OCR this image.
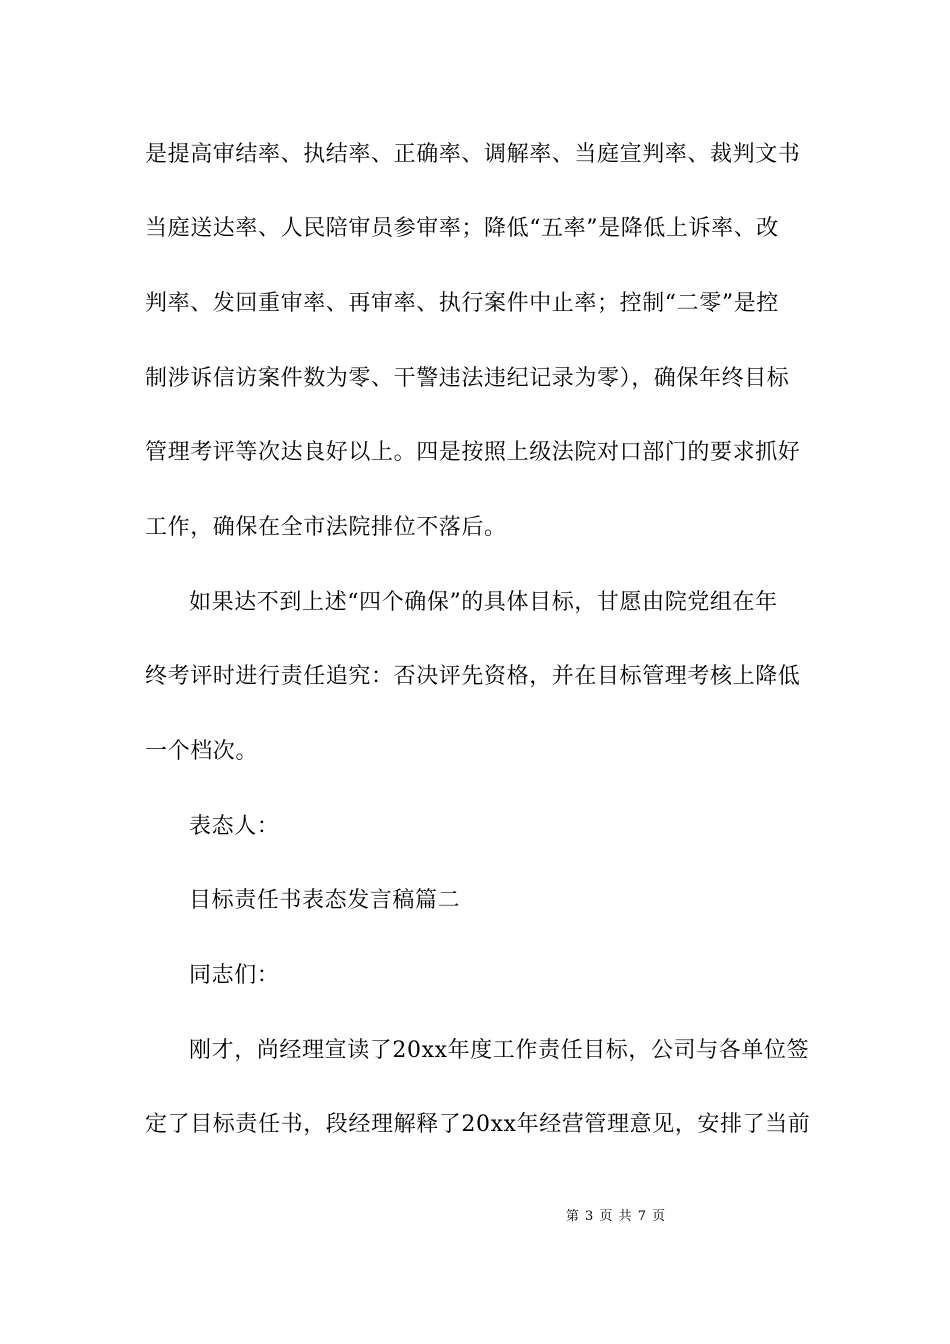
是提高审结率、执结率、正确率、调解率、当庭宣判率、裁判文书
当庭送达率、人民陪审员参审率；降低“五率”是降低上诉率、改
判率、发回重审率、再审率、执行案件中止率；控制“二零”是控
制涉诉信访案件数为零、干警违法违纪记录为零），确保年终目标
管理考评等次达良好以上。四是按照上级法院对口部门的要求抓好
工作，确保在全市法院排位不落后。
如果达不到上述“四个确保”的具体目标，甘愿由院党组在年
终考评时进行责任追究：否决评先资格，并在目标管理考核上降低
一个档次。
表态人：
目标责任书表态发言稿篇二
同志们：
刚才，尚经理宣读了20xx年度工作责任目标，公司与各单位签
定了目标责任书，段经理解释了20xx年经营管理意见，安排了当前
第 3 页 共 7 页
